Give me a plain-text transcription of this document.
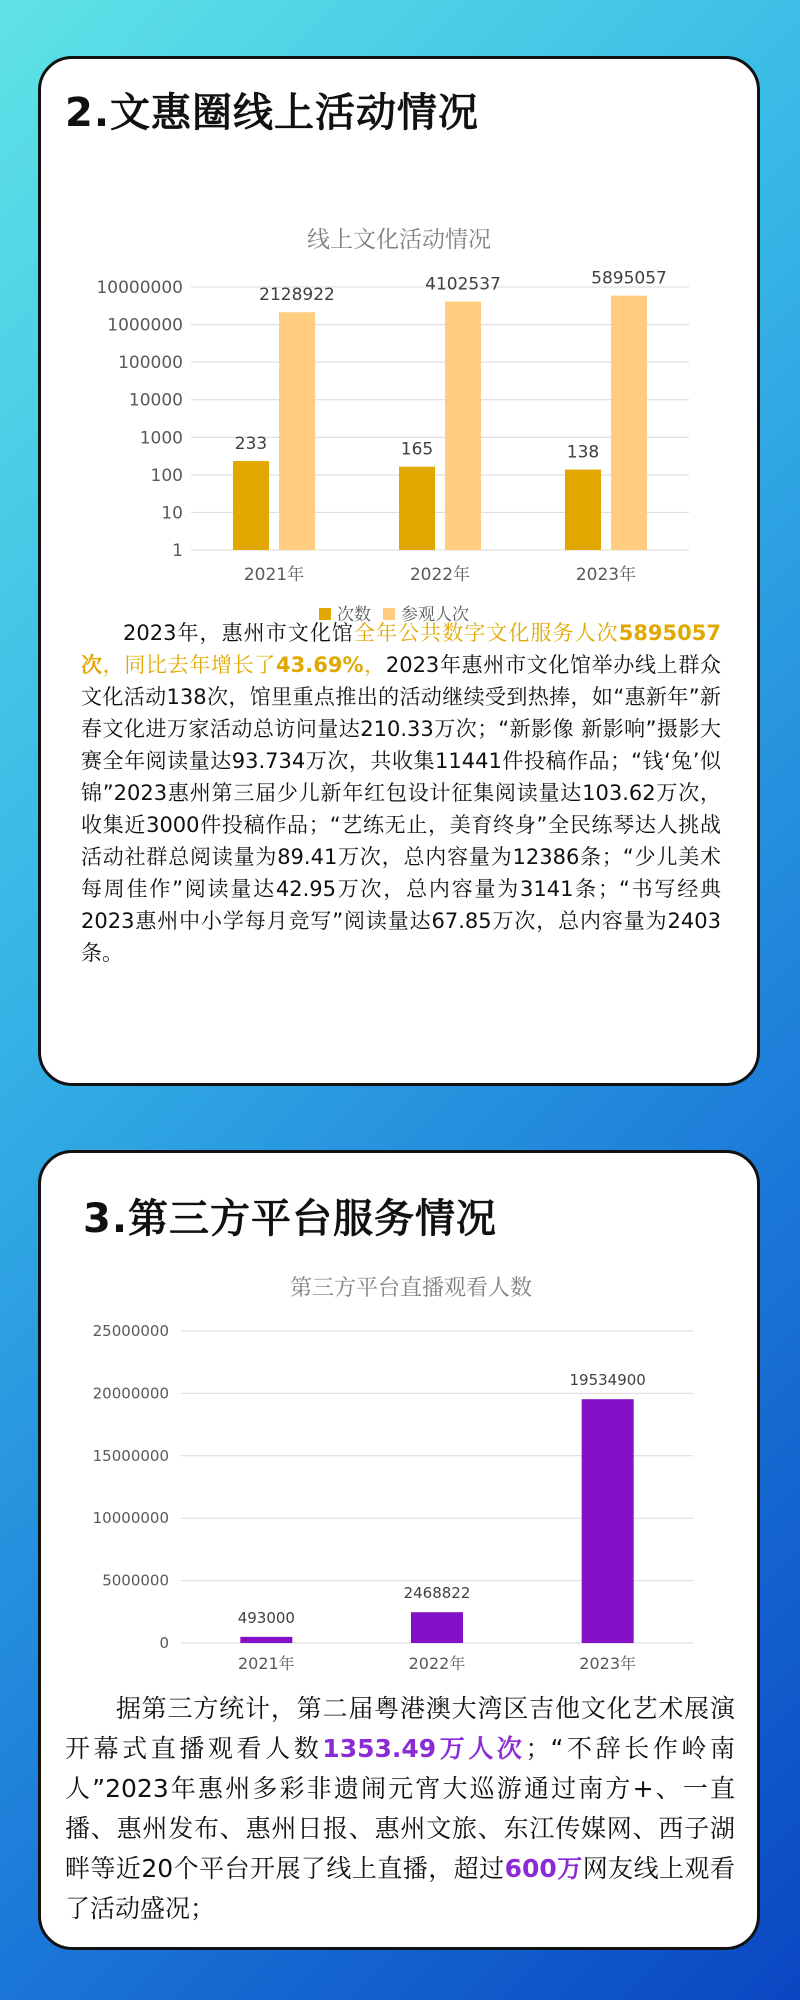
2.文惠圈线上活动情况
线上文化活动情况
1
10
100
1000
10000
100000
1000000
10000000
233
2128922
2021年
165
4102537
2022年
138
5895057
2023年
次数 参观人次

  2023年，惠州市文化馆全年公共数字文化服务人次5895057次，同比去年增长了43.69%，2023年惠州市文化馆举办线上群众文化活动138次，馆里重点推出的活动继续受到热捧，如“惠新年”新春文化进万家活动总访问量达210.33万次；“新影像 新影响”摄影大赛全年阅读量达93.734万次，共收集11441件投稿作品；“钱‘兔’似锦”2023惠州第三届少儿新年红包设计征集阅读量达103.62万次，收集近3000件投稿作品；“艺练无止，美育终身”全民练琴达人挑战活动社群总阅读量为89.41万次，总内容量为12386条；“少儿美术每周佳作”阅读量达42.95万次，总内容量为3141条；“书写经典2023惠州中小学每月竞写”阅读量达67.85万次，总内容量为2403条。

3.第三方平台服务情况
第三方平台直播观看人数
0
5000000
10000000
15000000
20000000
25000000
493000
2021年
2468822
2022年
19534900
2023年

  据第三方统计，第二届粤港澳大湾区吉他文化艺术展演开幕式直播观看人数1353.49万人次；“不辞长作岭南人”2023年惠州多彩非遗闹元宵大巡游通过南方+、一直播、惠州发布、惠州日报、惠州文旅、东江传媒网、西子湖畔等近20个平台开展了线上直播，超过600万网友线上观看了活动盛况；
